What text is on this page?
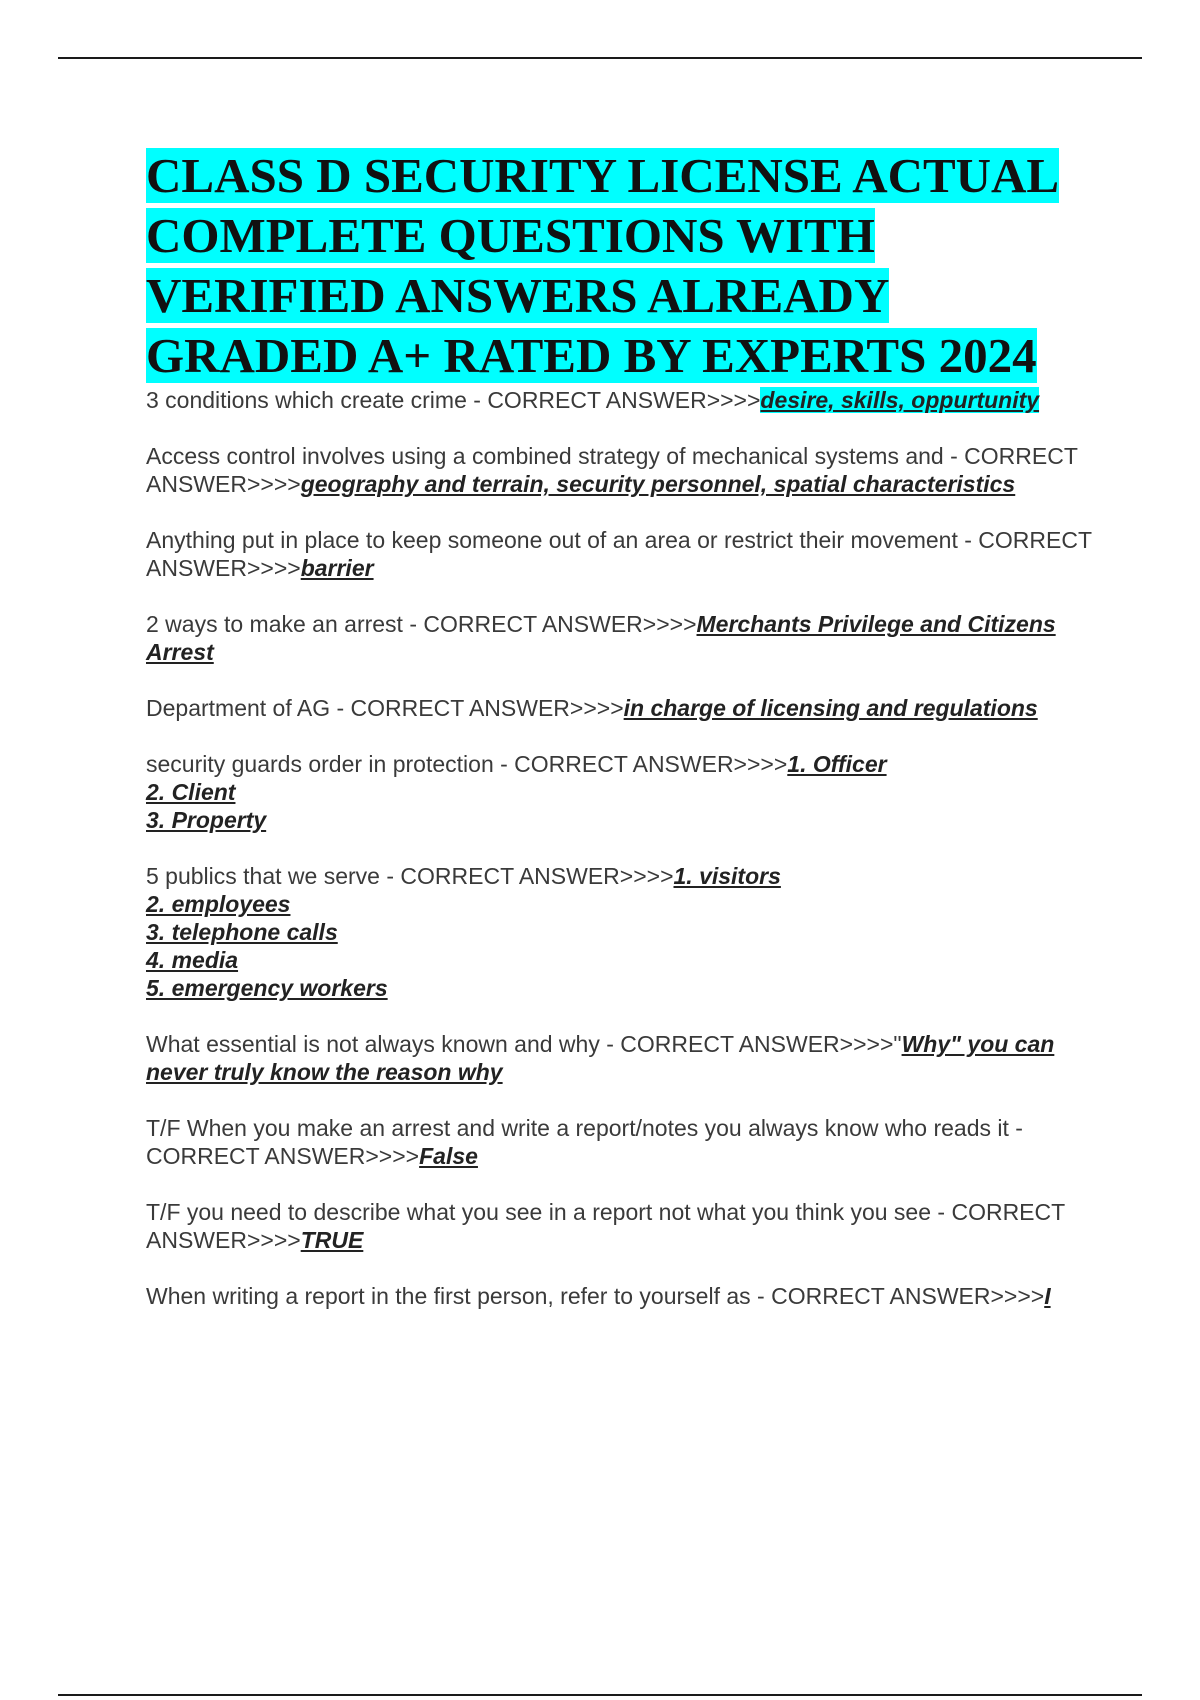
CLASS D SECURITY LICENSE ACTUAL COMPLETE QUESTIONS WITH VERIFIED ANSWERS ALREADY GRADED A+ RATED BY EXPERTS 2024

3 conditions which create crime - CORRECT ANSWER>>>>desire, skills, oppurtunity

Access control involves using a combined strategy of mechanical systems and - CORRECT ANSWER>>>>geography and terrain, security personnel, spatial characteristics

Anything put in place to keep someone out of an area or restrict their movement - CORRECT ANSWER>>>>barrier

2 ways to make an arrest - CORRECT ANSWER>>>>Merchants Privilege and Citizens Arrest

Department of AG - CORRECT ANSWER>>>>in charge of licensing and regulations

security guards order in protection - CORRECT ANSWER>>>>1. Officer
2. Client
3. Property

5 publics that we serve - CORRECT ANSWER>>>>1. visitors
2. employees
3. telephone calls
4. media
5. emergency workers

What essential is not always known and why - CORRECT ANSWER>>>>"Why" you can never truly know the reason why

T/F When you make an arrest and write a report/notes you always know who reads it - CORRECT ANSWER>>>>False

T/F you need to describe what you see in a report not what you think you see - CORRECT ANSWER>>>>TRUE

When writing a report in the first person, refer to yourself as - CORRECT ANSWER>>>>I
